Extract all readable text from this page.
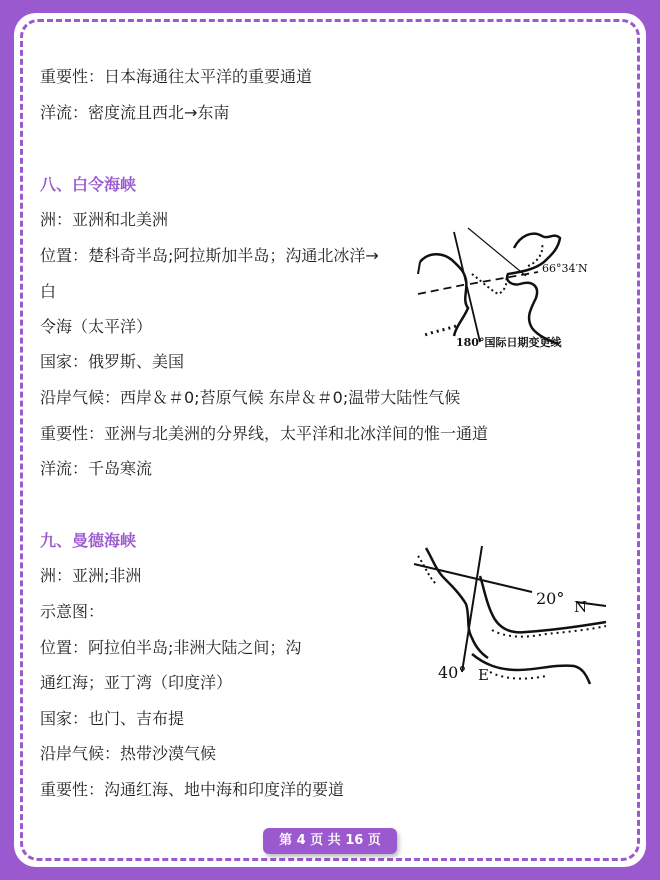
重要性：日本海通往太平洋的重要通道
洋流：密度流且西北→东南
八、白令海峡
洲：亚洲和北美洲
位置：楚科奇半岛;阿拉斯加半岛；沟通北冰洋→
白
令海（太平洋）
国家：俄罗斯、美国
沿岸气候：西岸＆＃0;苔原气候 东岸＆＃0;温带大陆性气候
重要性：亚洲与北美洲的分界线，太平洋和北冰洋间的惟一通道
洋流：千岛寒流
66°34′N
180°国际日期变更线
九、曼德海峡
洲：亚洲;非洲
示意图：
位置：阿拉伯半岛;非洲大陆之间；沟
通红海；亚丁湾（印度洋）
国家：也门、吉布提
沿岸气候：热带沙漠气候
重要性：沟通红海、地中海和印度洋的要道
20° N
40° E
第 4 页 共 16 页
